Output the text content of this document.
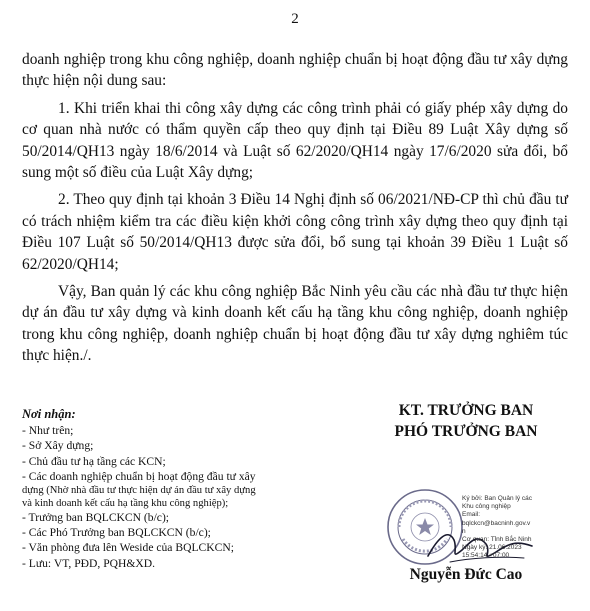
2

doanh nghiệp trong khu công nghiệp, doanh nghiệp chuẩn bị hoạt động đầu tư xây dựng thực hiện nội dung sau:

1. Khi triển khai thi công xây dựng các công trình phải có giấy phép xây dựng do cơ quan nhà nước có thẩm quyền cấp theo quy định tại Điều 89 Luật Xây dựng số 50/2014/QH13 ngày 18/6/2014 và Luật số 62/2020/QH14 ngày 17/6/2020 sửa đổi, bổ sung một số điều của Luật Xây dựng;

2. Theo quy định tại khoản 3 Điều 14 Nghị định số 06/2021/NĐ-CP thì chủ đầu tư có trách nhiệm kiểm tra các điều kiện khởi công công trình xây dựng theo quy định tại Điều 107 Luật số 50/2014/QH13 được sửa đổi, bổ sung tại khoản 39 Điều 1 Luật số 62/2020/QH14;

Vậy, Ban quản lý các khu công nghiệp Bắc Ninh yêu cầu các nhà đầu tư thực hiện dự án đầu tư xây dựng và kinh doanh kết cấu hạ tầng khu công nghiệp, doanh nghiệp trong khu công nghiệp, doanh nghiệp chuẩn bị hoạt động đầu tư xây dựng nghiêm túc thực hiện./.

Nơi nhận:
- Như trên;
- Sở Xây dựng;
- Chủ đầu tư hạ tầng các KCN;
- Các doanh nghiệp chuẩn bị hoạt động đầu tư xây
dựng (Nhờ nhà đầu tư thực hiện dự án đầu tư xây dựng
và kinh doanh kết cấu hạ tầng khu công nghiệp);
- Trưởng ban BQLCKCN (b/c);
- Các Phó Trưởng ban BQLCKCN (b/c);
- Văn phòng đưa lên Weside của BQLCKCN;
- Lưu: VT, PĐD, PQH&XD.
KT. TRƯỞNG BAN
PHÓ TRƯỞNG BAN
Ký bởi: Ban Quản lý các
Khu công nghiệp
Email:
bqlckcn@bacninh.gov.v
n
Cơ quan: Tỉnh Bắc Ninh
Ngày ký: 21.06.2023
15:54:14 +07:00
Nguyễn Đức Cao
